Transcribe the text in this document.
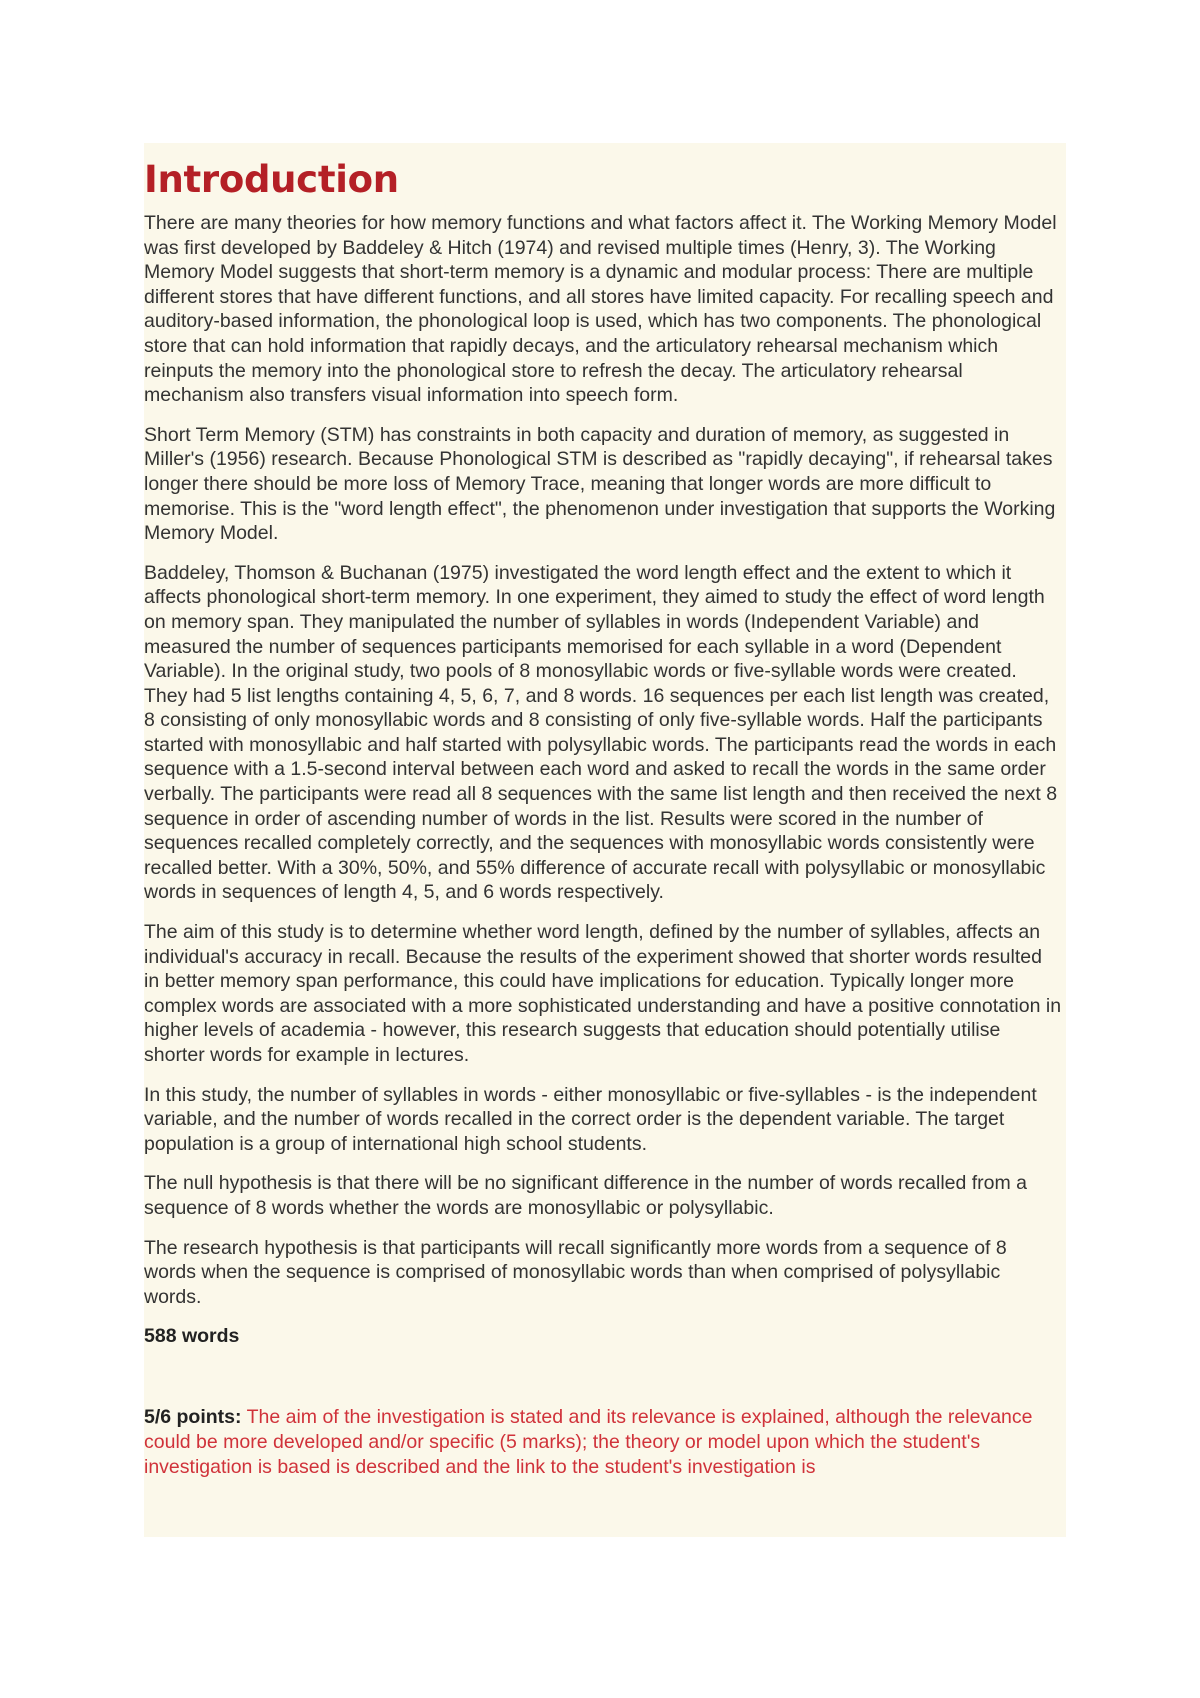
Introduction

There are many theories for how memory functions and what factors affect it. The Working Memory Model was first developed by Baddeley & Hitch (1974) and revised multiple times (Henry, 3). The Working Memory Model suggests that short-term memory is a dynamic and modular process: There are multiple different stores that have different functions, and all stores have limited capacity. For recalling speech and auditory-based information, the phonological loop is used, which has two components. The phonological store that can hold information that rapidly decays, and the articulatory rehearsal mechanism which reinputs the memory into the phonological store to refresh the decay. The articulatory rehearsal mechanism also transfers visual information into speech form.

Short Term Memory (STM) has constraints in both capacity and duration of memory, as suggested in Miller's (1956) research. Because Phonological STM is described as "rapidly decaying", if rehearsal takes longer there should be more loss of Memory Trace, meaning that longer words are more difficult to memorise. This is the "word length effect", the phenomenon under investigation that supports the Working Memory Model.

Baddeley, Thomson & Buchanan (1975) investigated the word length effect and the extent to which it affects phonological short-term memory. In one experiment, they aimed to study the effect of word length on memory span. They manipulated the number of syllables in words (Independent Variable) and measured the number of sequences participants memorised for each syllable in a word (Dependent Variable). In the original study, two pools of 8 monosyllabic words or five-syllable words were created. They had 5 list lengths containing 4, 5, 6, 7, and 8 words. 16 sequences per each list length was created, 8 consisting of only monosyllabic words and 8 consisting of only five-syllable words. Half the participants started with monosyllabic and half started with polysyllabic words. The participants read the words in each sequence with a 1.5-second interval between each word and asked to recall the words in the same order verbally. The participants were read all 8 sequences with the same list length and then received the next 8 sequence in order of ascending number of words in the list. Results were scored in the number of sequences recalled completely correctly, and the sequences with monosyllabic words consistently were recalled better. With a 30%, 50%, and 55% difference of accurate recall with polysyllabic or monosyllabic words in sequences of length 4, 5, and 6 words respectively.

The aim of this study is to determine whether word length, defined by the number of syllables, affects an individual's accuracy in recall. Because the results of the experiment showed that shorter words resulted in better memory span performance, this could have implications for education. Typically longer more complex words are associated with a more sophisticated understanding and have a positive connotation in higher levels of academia - however, this research suggests that education should potentially utilise shorter words for example in lectures.

In this study, the number of syllables in words - either monosyllabic or five-syllables - is the independent variable, and the number of words recalled in the correct order is the dependent variable. The target population is a group of international high school students.

The null hypothesis is that there will be no significant difference in the number of words recalled from a sequence of 8 words whether the words are monosyllabic or polysyllabic.

The research hypothesis is that participants will recall significantly more words from a sequence of 8 words when the sequence is comprised of monosyllabic words than when comprised of polysyllabic words.

588 words

5/6 points: The aim of the investigation is stated and its relevance is explained, although the relevance could be more developed and/or specific (5 marks); the theory or model upon which the student's investigation is based is described and the link to the student's investigation is
